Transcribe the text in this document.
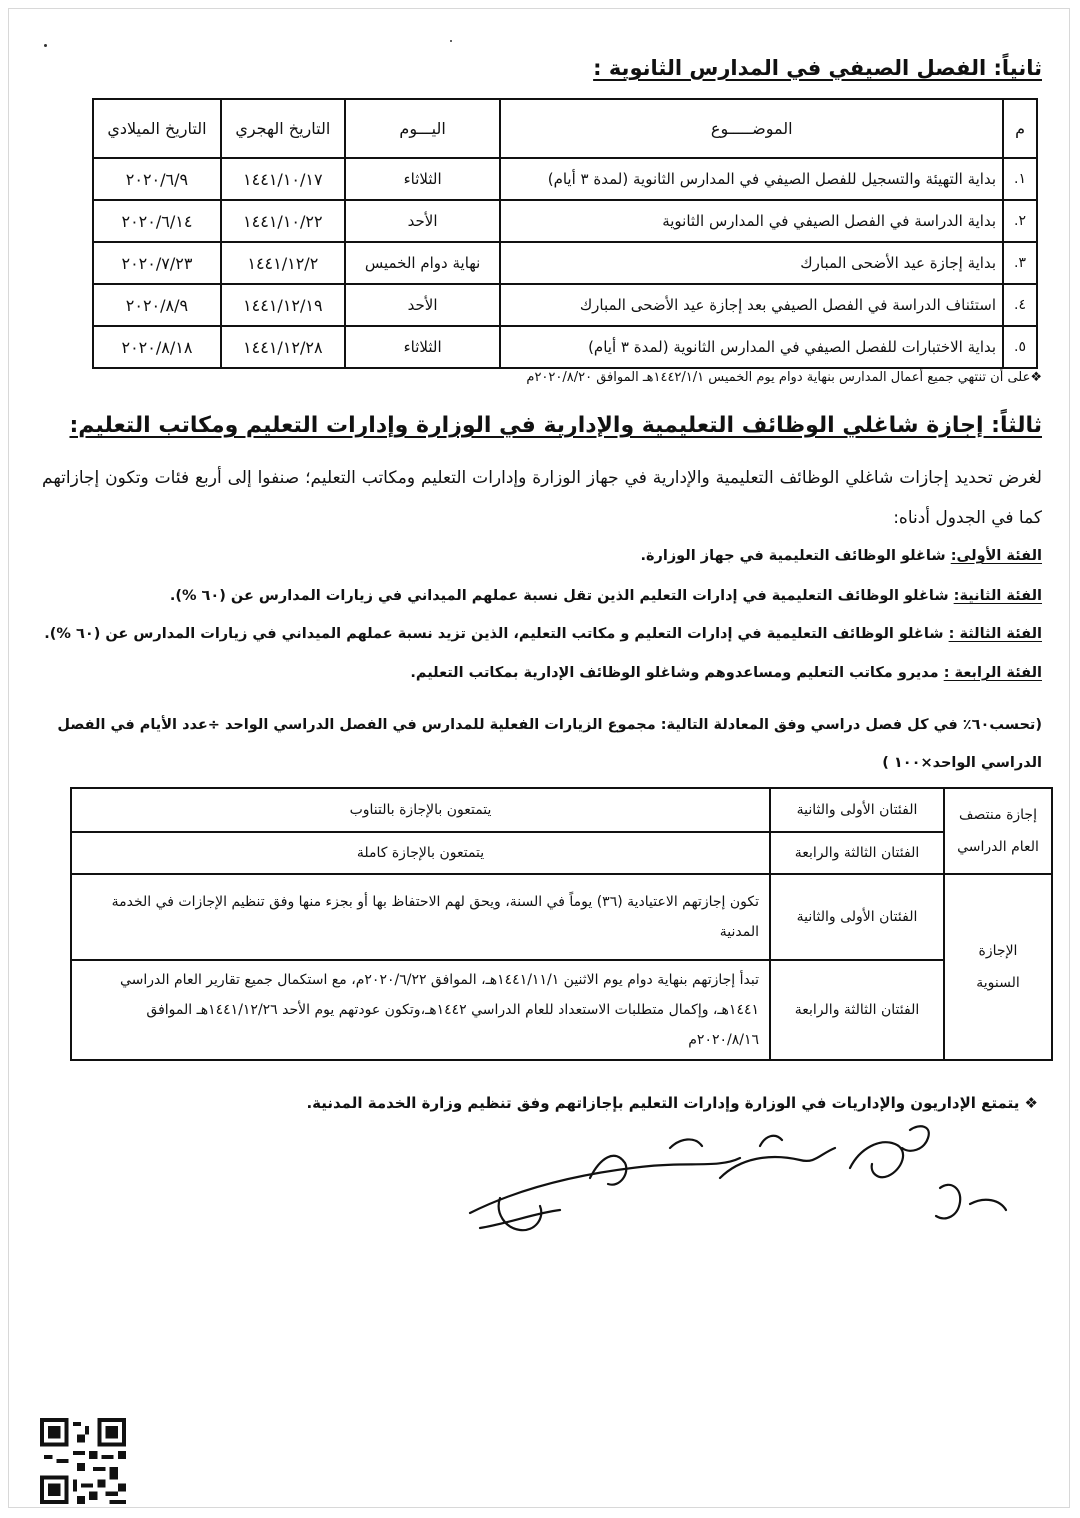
ثانياً: الفصل الصيفي في المدارس الثانوية :
م	الموضـــــوع	اليـــوم	التاريخ الهجري	التاريخ الميلادي
١.	بداية التهيئة والتسجيل للفصل الصيفي في المدارس الثانوية (لمدة ٣ أيام)	الثلاثاء	١٤٤١/١٠/١٧	٢٠٢٠/٦/٩
٢.	بداية الدراسة في الفصل الصيفي في المدارس الثانوية	الأحد	١٤٤١/١٠/٢٢	٢٠٢٠/٦/١٤
٣.	بداية إجازة عيد الأضحى المبارك	نهاية دوام الخميس	١٤٤١/١٢/٢	٢٠٢٠/٧/٢٣
٤.	استئناف الدراسة في الفصل الصيفي بعد إجازة عيد الأضحى المبارك	الأحد	١٤٤١/١٢/١٩	٢٠٢٠/٨/٩
٥.	بداية الاختبارات للفصل الصيفي في المدارس الثانوية (لمدة ٣ أيام)	الثلاثاء	١٤٤١/١٢/٢٨	٢٠٢٠/٨/١٨
❖على أن تنتهي جميع أعمال المدارس بنهاية دوام يوم الخميس ١٤٤٢/١/١هـ الموافق ٢٠٢٠/٨/٢٠م
ثالثاً: إجازة شاغلي الوظائف التعليمية والإدارية في الوزارة وإدارات التعليم ومكاتب التعليم:
لغرض تحديد إجازات شاغلي الوظائف التعليمية والإدارية في جهاز الوزارة وإدارات التعليم ومكاتب التعليم؛ صنفوا إلى أربع فئات وتكون إجازاتهم كما في الجدول أدناه:
الفئة الأولى: شاغلو الوظائف التعليمية في جهاز الوزارة.
الفئة الثانية: شاغلو الوظائف التعليمية في إدارات التعليم الذين تقل نسبة عملهم الميداني في زيارات المدارس عن (٦٠ %).
الفئة الثالثة : شاغلو الوظائف التعليمية في إدارات التعليم و مكاتب التعليم، الذين تزيد نسبة عملهم الميداني في زيارات المدارس عن (٦٠ %).
الفئة الرابعة : مديرو مكاتب التعليم ومساعدوهم وشاغلو الوظائف الإدارية بمكاتب التعليم.
(تحسب٦٠٪ في كل فصل دراسي وفق المعادلة التالية: مجموع الزيارات الفعلية للمدارس في الفصل الدراسي الواحد ÷عدد الأيام في الفصل الدراسي الواحد×١٠٠ )
إجازة منتصف العام الدراسي	الفئتان الأولى والثانية	يتمتعون بالإجازة بالتناوب
	الفئتان الثالثة والرابعة	يتمتعون بالإجازة كاملة
الإجازة السنوية	الفئتان الأولى والثانية	تكون إجازتهم الاعتيادية (٣٦) يوماً في السنة، ويحق لهم الاحتفاظ بها أو بجزء منها وفق تنظيم الإجازات في الخدمة المدنية
	الفئتان الثالثة والرابعة	تبدأ إجازتهم بنهاية دوام يوم الاثنين ١٤٤١/١١/١هـ، الموافق ٢٠٢٠/٦/٢٢م، مع استكمال جميع تقارير العام الدراسي ١٤٤١هـ، وإكمال متطلبات الاستعداد للعام الدراسي ١٤٤٢هـ،وتكون عودتهم يوم الأحد ١٤٤١/١٢/٢٦هـ الموافق ٢٠٢٠/٨/١٦م
❖ يتمتع الإداريون والإداريات في الوزارة وإدارات التعليم بإجازاتهم وفق تنظيم وزارة الخدمة المدنية.
